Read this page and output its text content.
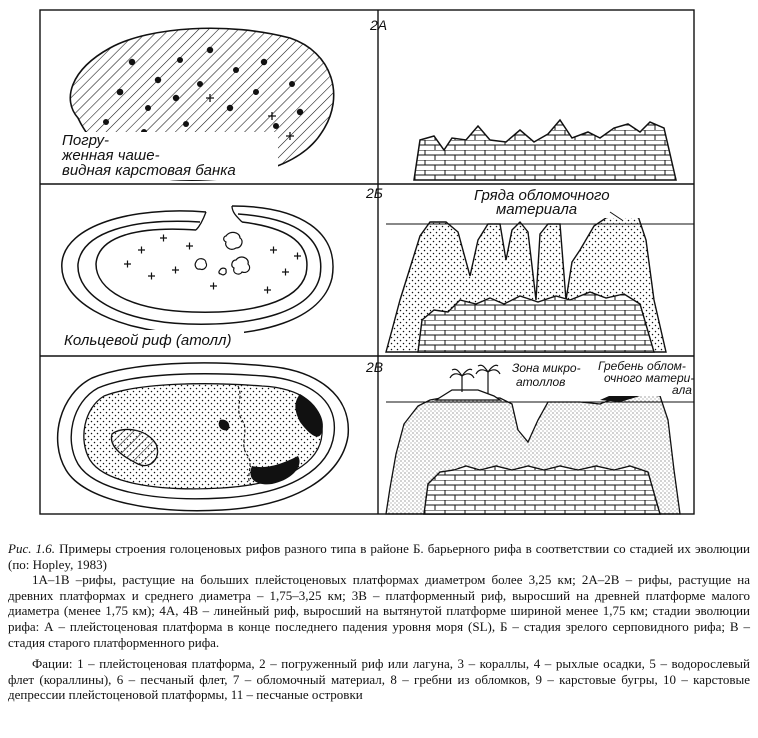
2А
Погру- женная чаше- видная карстовая банка
2Б
Кольцевой риф (атолл)
Гряда обломочного материала
2В	Зона микро- атоллов
Гребень облом- очного матери- ала

Рис. 1.6. Примеры строения голоценовых рифов разного типа в районе Б. барьерного рифа в соответствии со стадией их эволюции (по: Hopley, 1983)

1А–1В –рифы, растущие на больших плейстоценовых платформах диаметром более 3,25 км; 2А–2В – рифы, растущие на древних платформах и среднего диаметра – 1,75–3,25 км; 3В – платформенный риф, выросший на древней платформе малого диаметра (менее 1,75 км); 4А, 4В – линейный риф, выросший на вытянутой платформе шириной менее 1,75 км; стадии эволюции рифа: А – плейстоценовая платформа в конце последнего падения уровня моря (SL), Б – стадия зрелого серповидного рифа; В – стадия старого платформенного рифа.

Фации: 1 – плейстоценовая платформа, 2 – погруженный риф или лагуна, 3 – кораллы, 4 – рыхлые осадки, 5 – водорослевый флет (кораллины), 6 – песчаный флет, 7 – обломочный материал, 8 – гребни из обломков, 9 – карстовые бугры, 10 – карстовые депрессии плейстоценовой платформы, 11 – песчаные островки
